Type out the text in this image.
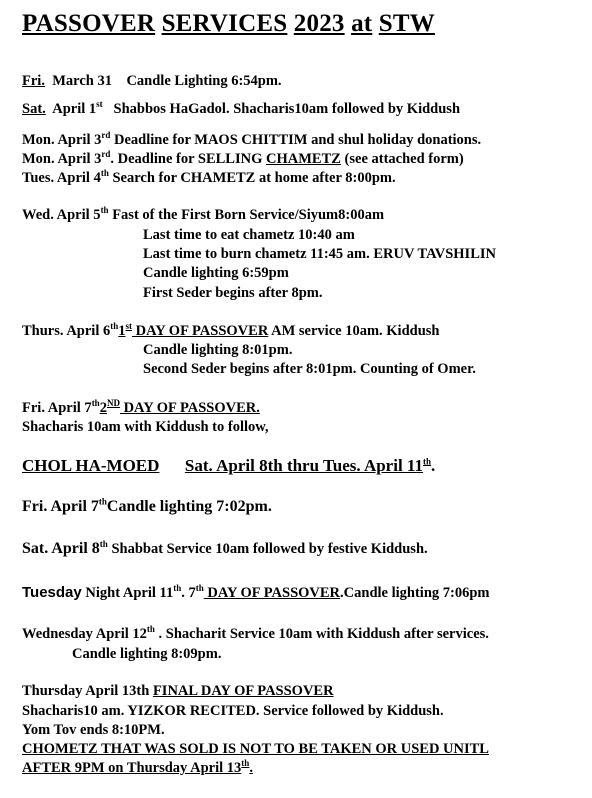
PASSOVER SERVICES 2023 at STW
Fri. March 31 Candle Lighting 6:54pm.
Sat. April 1st Shabbos HaGadol. Shacharis10am followed by Kiddush
Mon. April 3rd Deadline for MAOS CHITTIM and shul holiday donations.
Mon. April 3rd. Deadline for SELLING CHAMETZ (see attached form)
Tues. April 4th Search for CHAMETZ at home after 8:00pm.
Wed. April 5th Fast of the First Born Service/Siyum8:00am
Last time to eat chametz 10:40 am
Last time to burn chametz 11:45 am. ERUV TAVSHILIN
Candle lighting 6:59pm
First Seder begins after 8pm.
Thurs. April 6th1st DAY OF PASSOVER AM service 10am. Kiddush
Candle lighting 8:01pm.
Second Seder begins after 8:01pm. Counting of Omer.
Fri. April 7th2ND DAY OF PASSOVER.
Shacharis 10am with Kiddush to follow,
CHOL HA-MOED Sat. April 8th thru Tues. April 11th.
Fri. April 7thCandle lighting 7:02pm.
Sat. April 8th Shabbat Service 10am followed by festive Kiddush.
Tuesday Night April 11th. 7th DAY OF PASSOVER.Candle lighting 7:06pm
Wednesday April 12th . Shacharit Service 10am with Kiddush after services.
Candle lighting 8:09pm.
Thursday April 13th FINAL DAY OF PASSOVER
Shacharis10 am. YIZKOR RECITED. Service followed by Kiddush.
Yom Tov ends 8:10PM.
CHOMETZ THAT WAS SOLD IS NOT TO BE TAKEN OR USED UNITL
AFTER 9PM on Thursday April 13th.
